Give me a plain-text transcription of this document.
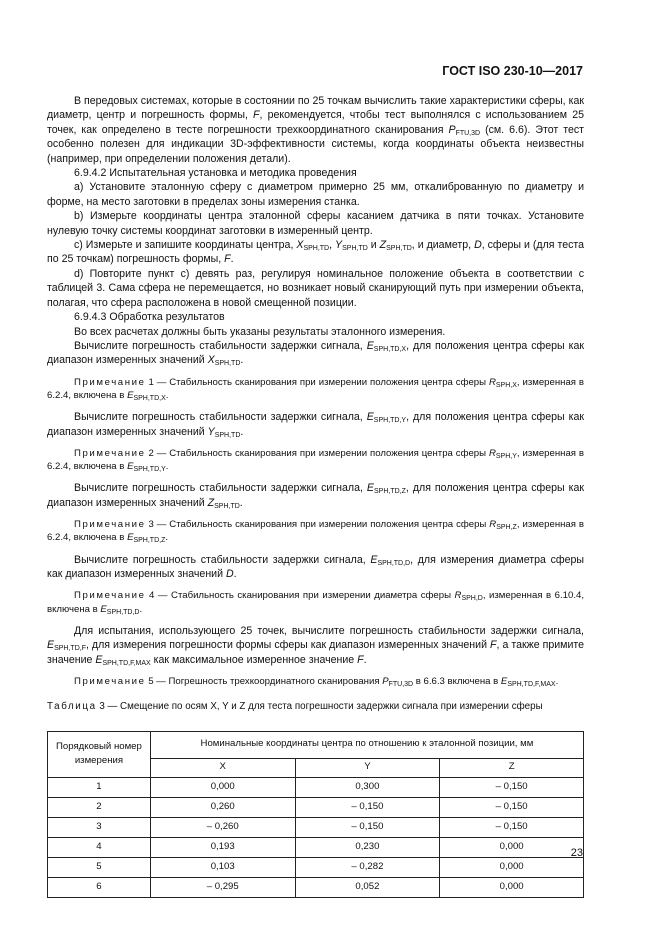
ГОСТ ISO 230-10—2017

В передовых системах, которые в состоянии по 25 точкам вычислить такие характеристики сферы, как диаметр, центр и погрешность формы, F, рекомендуется, чтобы тест выполнялся с использованием 25 точек, как определено в тесте погрешности трехкоординатного сканирования $P_{FTU,3D}$ (см. 6.6). Этот тест особенно полезен для индикации 3D-эффективности системы, когда координаты объекта неизвестны (например, при определении положения детали).

6.9.4.2 Испытательная установка и методика проведения

а) Установите эталонную сферу с диаметром примерно 25 мм, откалиброванную по диаметру и форме, на место заготовки в пределах зоны измерения станка.

b) Измерьте координаты центра эталонной сферы касанием датчика в пяти точках. Установите нулевую точку системы координат заготовки в измеренный центр.

c) Измерьте и запишите координаты центра, $X_{SPH,TD}$, $Y_{SPH,TD}$ и $Z_{SPH,TD}$, и диаметр, D, сферы и (для теста по 25 точкам) погрешность формы, F.

d) Повторите пункт с) девять раз, регулируя номинальное положение объекта в соответствии с таблицей 3. Сама сфера не перемещается, но возникает новый сканирующий путь при измерении объекта, полагая, что сфера расположена в новой смещенной позиции.

6.9.4.3 Обработка результатов

Во всех расчетах должны быть указаны результаты эталонного измерения.

Вычислите погрешность стабильности задержки сигнала, $E_{SPH,TD,X}$, для положения центра сферы как диапазон измеренных значений $X_{SPH,TD}$.

Примечание 1 — Стабильность сканирования при измерении положения центра сферы $R_{SPH,X}$, измеренная в 6.2.4, включена в $E_{SPH,TD,X}$.

Вычислите погрешность стабильности задержки сигнала, $E_{SPH,TD,Y}$, для положения центра сферы как диапазон измеренных значений $Y_{SPH,TD}$.

Примечание 2 — Стабильность сканирования при измерении положения центра сферы $R_{SPH,Y}$, измеренная в 6.2.4, включена в $E_{SPH,TD,Y}$.

Вычислите погрешность стабильности задержки сигнала, $E_{SPH,TD,Z}$, для положения центра сферы как диапазон измеренных значений $Z_{SPH,TD}$.

Примечание 3 — Стабильность сканирования при измерении положения центра сферы $R_{SPH,Z}$, измеренная в 6.2.4, включена в $E_{SPH,TD,Z}$.

Вычислите погрешность стабильности задержки сигнала, $E_{SPH,TD,D}$, для измерения диаметра сферы как диапазон измеренных значений D.

Примечание 4 — Стабильность сканирования при измерении диаметра сферы $R_{SPH,D}$, измеренная в 6.10.4, включена в $E_{SPH,TD,D}$.

Для испытания, использующего 25 точек, вычислите погрешность стабильности задержки сигнала, $E_{SPH,TD,F}$, для измерения погрешности формы сферы как диапазон измеренных значений F, а также примите значение $E_{SPH,TD,F,MAX}$ как максимальное измеренное значение F.

Примечание 5 — Погрешность трехкоординатного сканирования $P_{FTU,3D}$ в 6.6.3 включена в $E_{SPH,TD,F,MAX}$.

Таблица 3 — Смещение по осям X, Y и Z для теста погрешности задержки сигнала при измерении сферы

Порядковый номер измерения	Номинальные координаты центра по отношению к эталонной позиции, мм		
	X	Y	Z
1	0,000	0,300	– 0,150
2	0,260	– 0,150	– 0,150
3	– 0,260	– 0,150	– 0,150
4	0,193	0,230	0,000
5	0,103	– 0,282	0,000
6	– 0,295	0,052	0,000
23
